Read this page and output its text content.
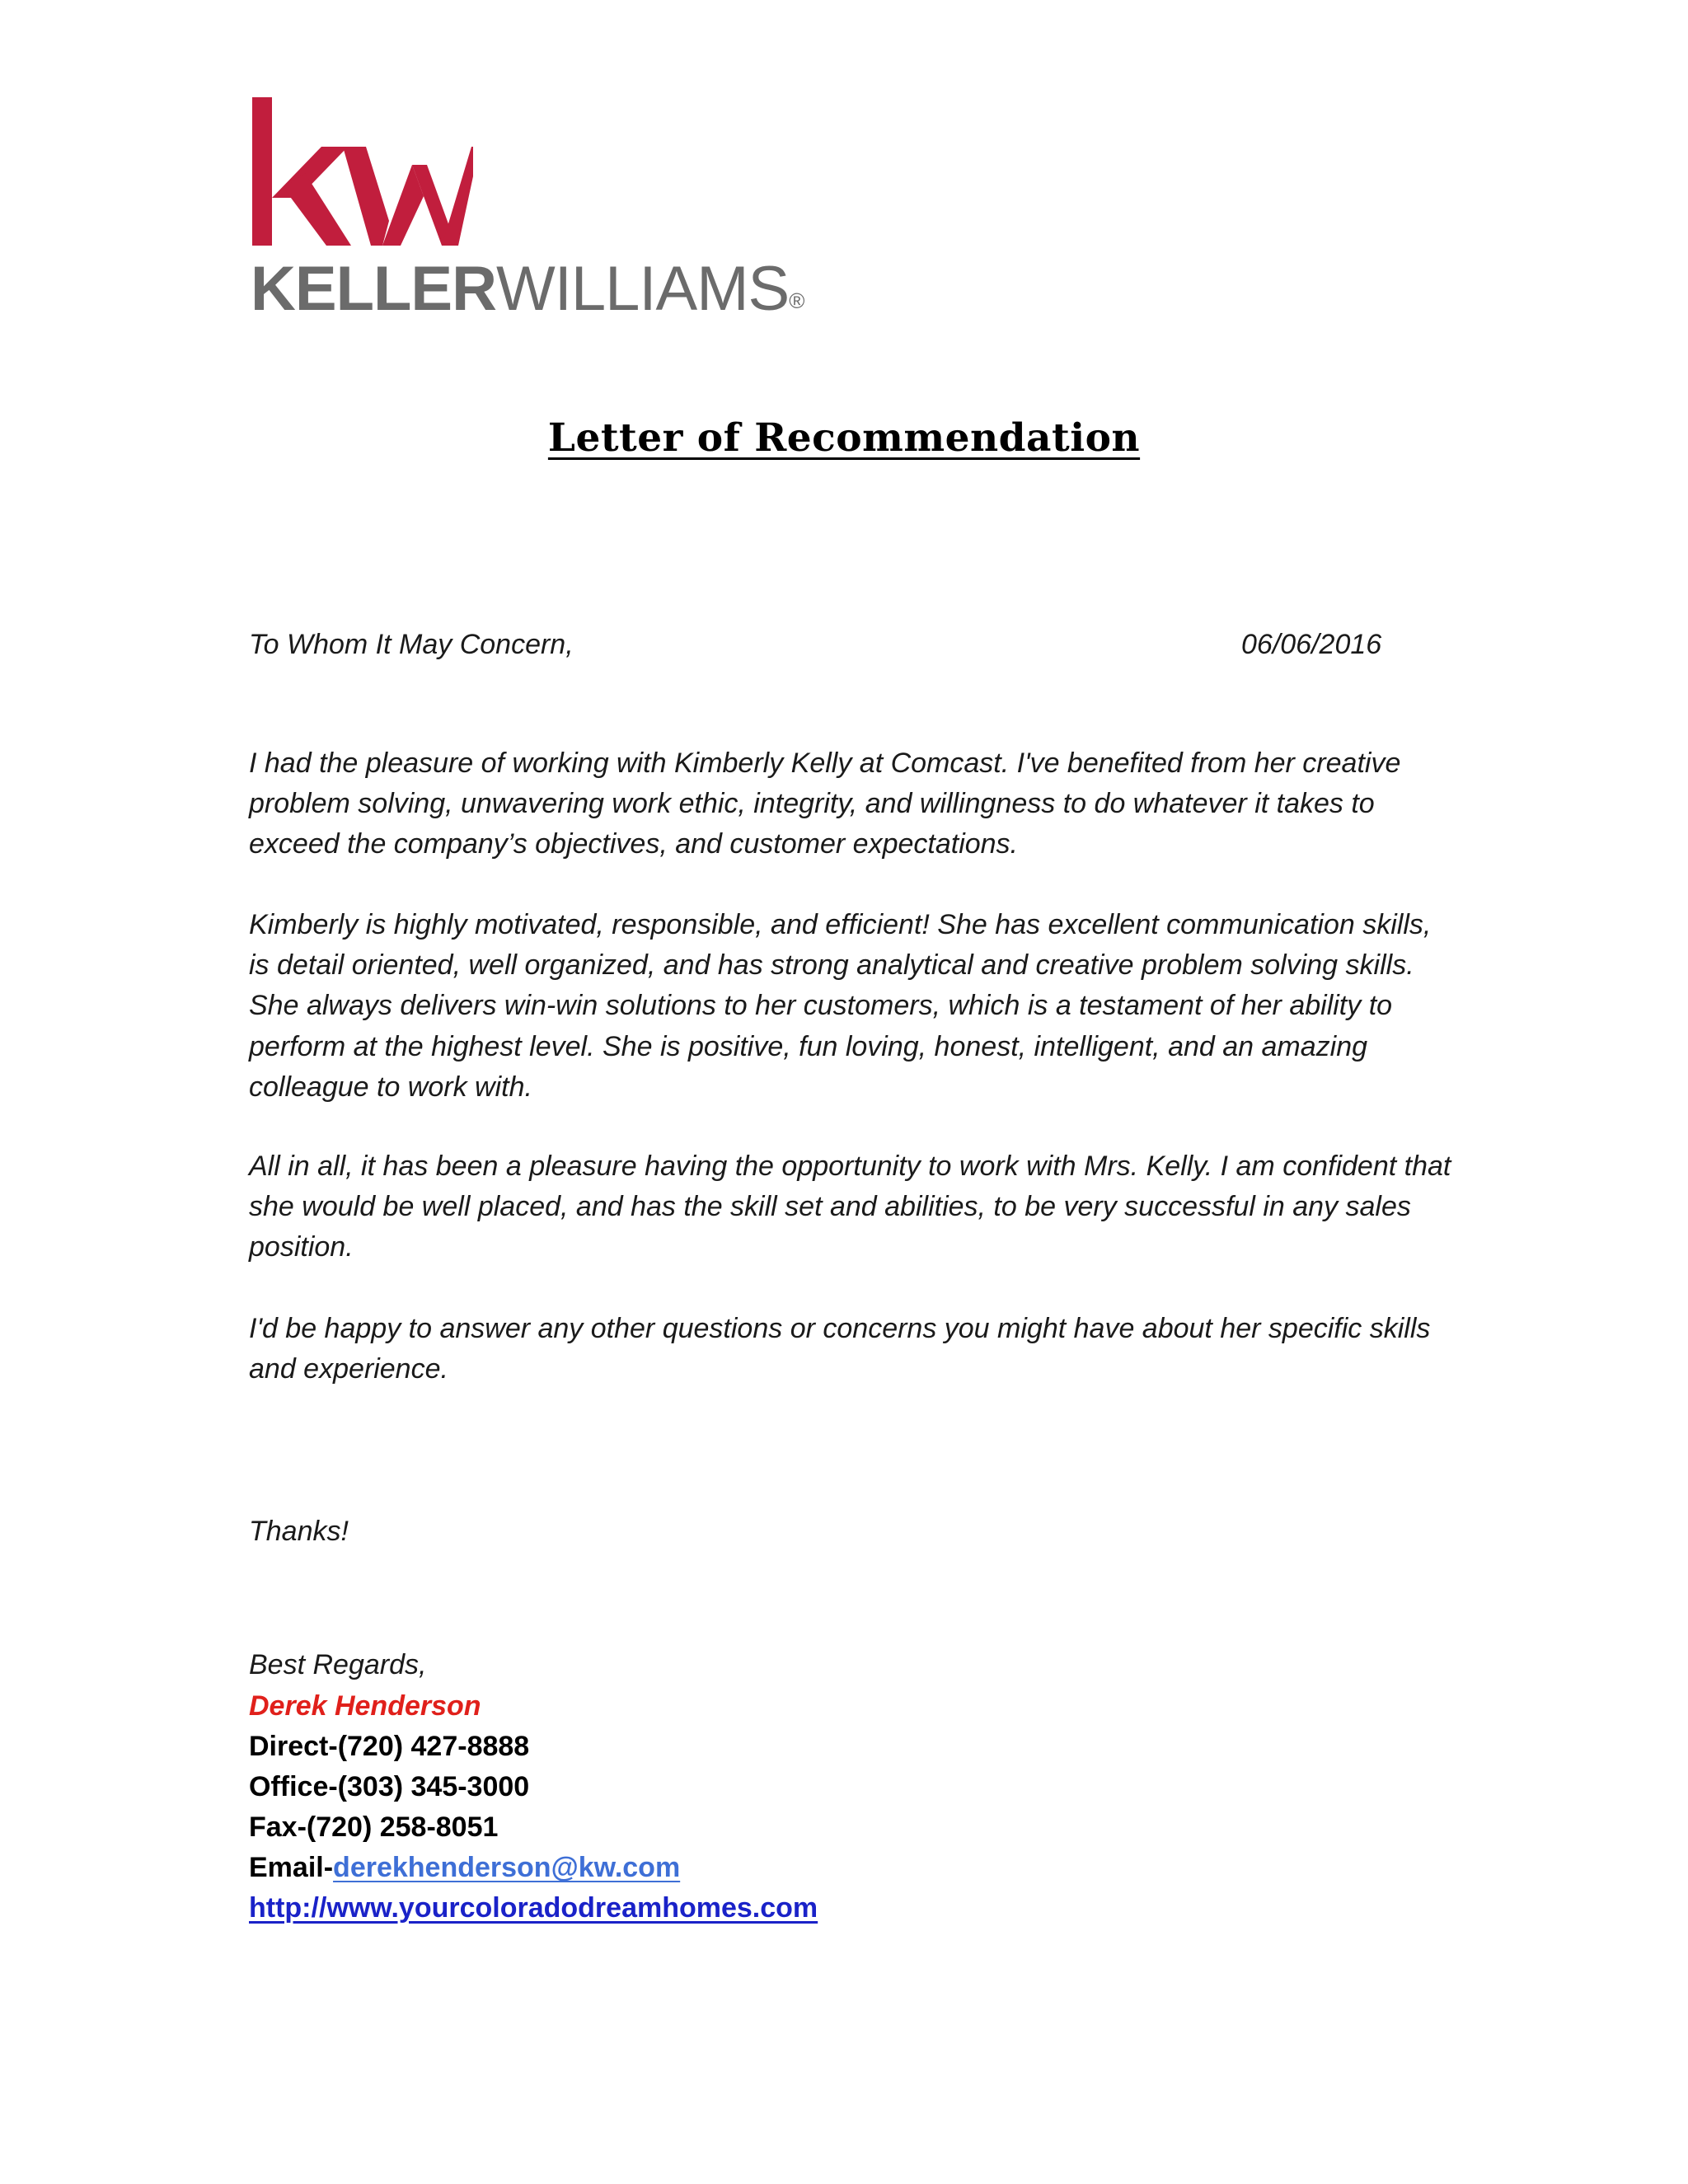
KELLERWILLIAMS®
Letter of Recommendation
To Whom It May Concern,	06/06/2016

I had the pleasure of working with Kimberly Kelly at Comcast. I've benefited from her creative problem solving, unwavering work ethic, integrity, and willingness to do whatever it takes to exceed the company’s objectives, and customer expectations.

Kimberly is highly motivated, responsible, and efficient! She has excellent communication skills, is detail oriented, well organized, and has strong analytical and creative problem solving skills. She always delivers win-win solutions to her customers, which is a testament of her ability to perform at the highest level. She is positive, fun loving, honest, intelligent, and an amazing colleague to work with.

All in all, it has been a pleasure having the opportunity to work with Mrs. Kelly. I am confident that she would be well placed, and has the skill set and abilities, to be very successful in any sales position.

I'd be happy to answer any other questions or concerns you might have about her specific skills and experience.

Thanks!
Best Regards,
Derek Henderson
Direct-(720) 427-8888
Office-(303) 345-3000
Fax-(720) 258-8051
Email-derekhenderson@kw.com
http://www.yourcoloradodreamhomes.com
